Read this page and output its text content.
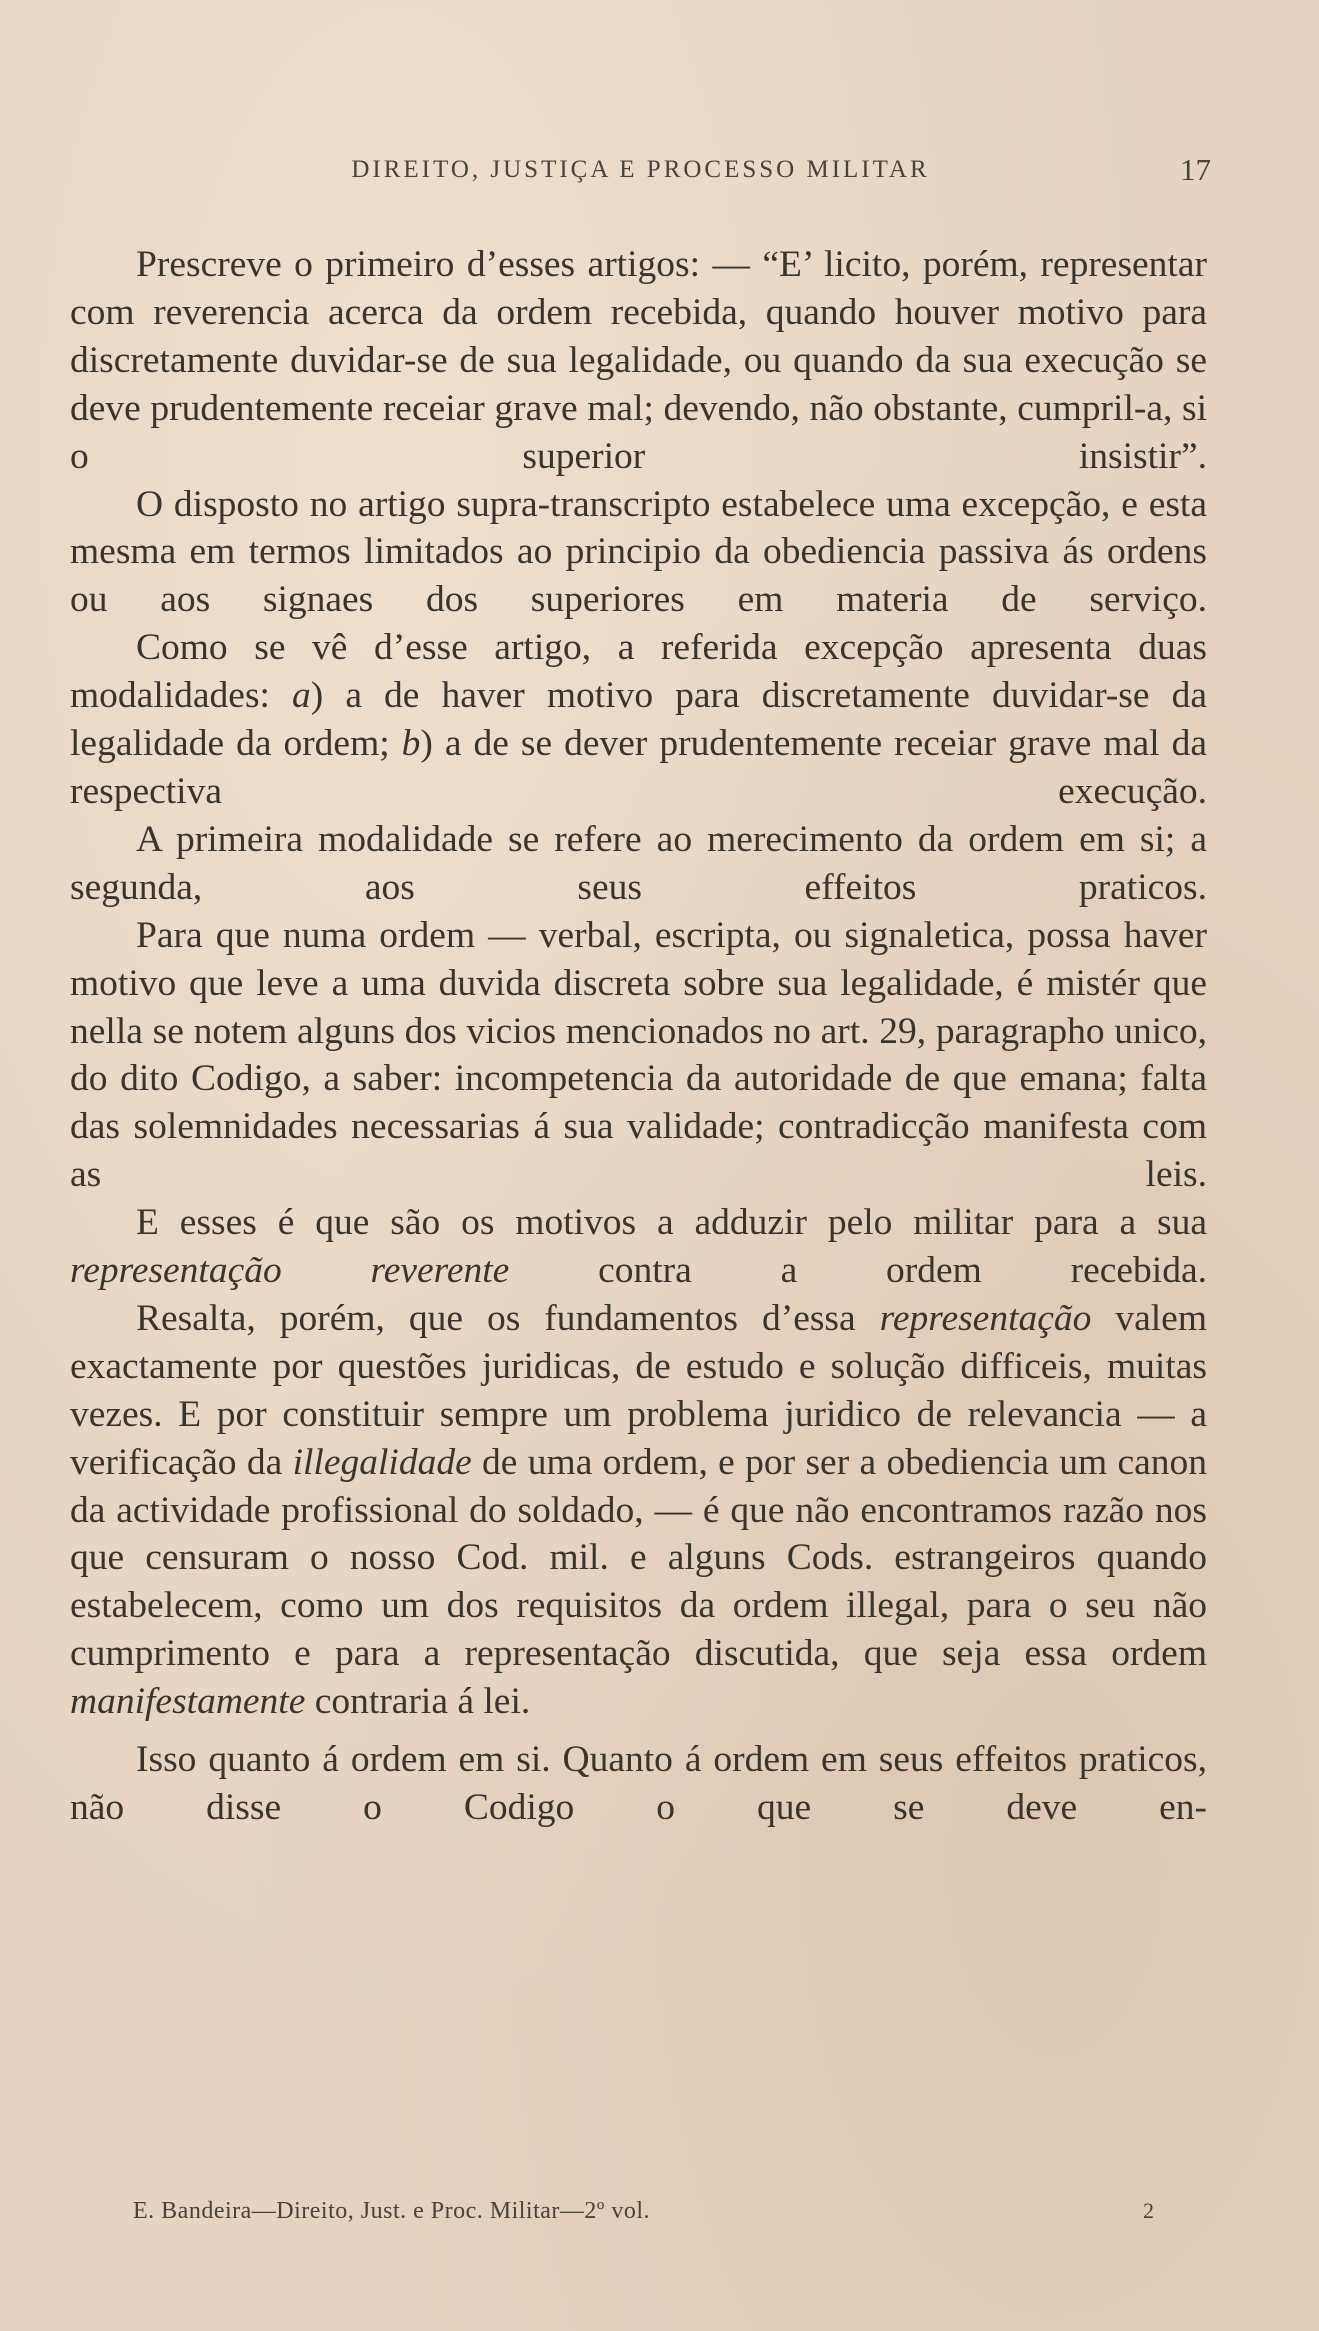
DIREITO, JUSTIÇA E PROCESSO MILITAR	17

Prescreve o primeiro d’esses artigos: — “E’ licito, porém, representar com reverencia acerca da ordem recebida, quando houver motivo para discretamente duvidar-se de sua legalidade, ou quando da sua execução se deve prudentemente receiar grave mal; devendo, não obstante, cumpril-a, si o superior insistir”.

O disposto no artigo supra-transcripto estabelece uma excepção, e esta mesma em termos limitados ao principio da obediencia passiva ás ordens ou aos signaes dos superiores em materia de serviço.

Como se vê d’esse artigo, a referida excepção apresenta duas modalidades: a) a de haver motivo para discretamente duvidar-se da legalidade da ordem; b) a de se dever prudentemente receiar grave mal da respectiva execução.

A primeira modalidade se refere ao merecimento da ordem em si; a segunda, aos seus effeitos praticos.

Para que numa ordem — verbal, escripta, ou signaletica, possa haver motivo que leve a uma duvida discreta sobre sua legalidade, é mistér que nella se notem alguns dos vicios mencionados no art. 29, paragrapho unico, do dito Codigo, a saber: incompetencia da autoridade de que emana; falta das solemnidades necessarias á sua validade; contradicção manifesta com as leis.

E esses é que são os motivos a adduzir pelo militar para a sua representação reverente contra a ordem recebida.

Resalta, porém, que os fundamentos d’essa representação valem exactamente por questões juridicas, de estudo e solução difficeis, muitas vezes. E por constituir sempre um problema juridico de relevancia — a verificação da illegalidade de uma ordem, e por ser a obediencia um canon da actividade profissional do soldado, — é que não encontramos razão nos que censuram o nosso Cod. mil. e alguns Cods. estrangeiros quando estabelecem, como um dos requisitos da ordem illegal, para o seu não cumprimento e para a representação discutida, que seja essa ordem manifestamente contraria á lei.

Isso quanto á ordem em si. Quanto á ordem em seus effeitos praticos, não disse o Codigo o que se deve en-

E. Bandeira—Direito, Just. e Proc. Militar—2º vol.	2
